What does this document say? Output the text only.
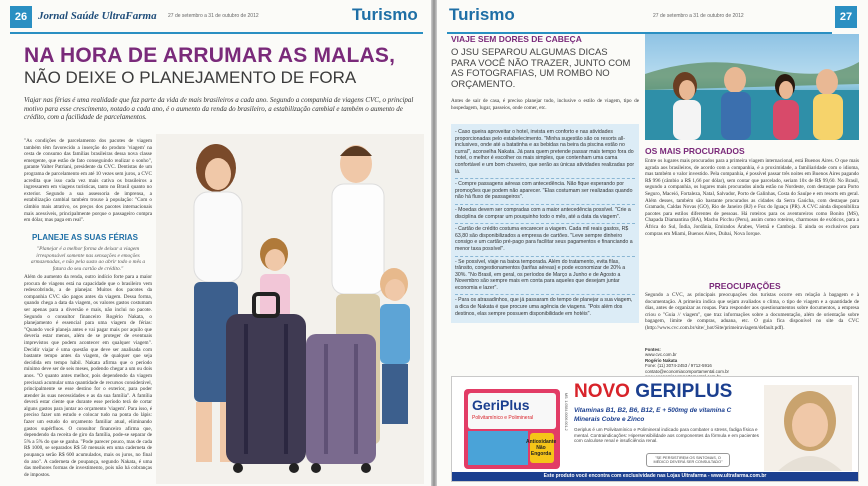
26 Jornal Saúde UltraFarma 27 de setembro a 31 de outubro de 2012	Turismo
NA HORA DE ARRUMAR AS MALAS,
NÃO DEIXE O PLANEJAMENTO DE FORA
Viajar nas férias é uma realidade que faz parte da vida de mais brasileiros a cada ano. Segundo a companhia de viagens CVC, o principal motivo para esse crescimento, notado a cada ano, é o aumento da renda do brasileiro, a estabilização cambial e também o aumento de crédito, com a facilidade de parcelamentos.
"As condições de parcelamento dos pacotes de viagem também têm favorecido a inserção do produto 'viagem' na cesta de consumo das famílias brasileiras dessa nova classe emergente, que estão de fato conseguindo realizar o sonho", garante Valter Patriani, presidente da CVC. Dentistas de um programa de parcelamento em até 10 vezes sem juros, a CVC acredita que isso cada vez mais cativa os brasileiros a ingressarem em viagens turísticas, tanto no Brasil quanto no exterior. Segundo a sua assessoria de imprensa, a estabilização cambial também trouxe à população: "Com o câmbio mais atrativo, os preços dos pacotes internacionais mais acessíveis, principalmente porque o passageiro compra em dólar, mas paga em real".
PLANEJE AS SUAS FÉRIAS
"Planejar é a melhor forma de deixar a viagem irresponsável somente nas sensações e emoções armazenadas, e não pela susto ao abrir todo o mês a fatura do seu cartão de crédito."
Além do aumento da renda, outro indício forte para a maior procura de viagens está na capacidade que o brasileiro vem redescobrindo, a de planejar. Muitos dos pacotes da companhia CVC são pagos antes da viagem. Dessa forma, quando chega a data da viagem, os valores gastos costumam ser apenas para a diversão e mais, não inclui no pacote. Segundo o consultor financeiro Rogério Nakata, o planejamento é essencial para uma viagem de férias: "Quando você planeja antes e vai pagar mais por aquilo que deveria estar menos, além de se proteger de eventuais imprevistos que podem acontecer em qualquer viagem". Decidir viajar é uma questão que deve ser analisada com bastante tempo antes da viagem, de qualquer que seja decidida em tempo hábil. Nakata afirma que o período mínimo deve ser de seis meses, podendo chegar a um ou dois anos. "O quanto antes melhor, pois dependendo da viagem precisará acumular uma quantidade de recursos considerável, principalmente se esse destino for o exterior, para poder atender às suas necessidades e as da sua família". A família deverá estar ciente que durante esse período terá de cortar alguns gastos para juntar ao orçamento 'viagem'. Para isso, é preciso fazer um estudo e colocar tudo na ponta do lápis: fazer um estudo do orçamento familiar atual, eliminando gastos supérfluos. O consultor financeiro afirma que, dependendo da receita de giro da família, pode-se separar de 5% a 5% do que se ganha. "Pode parecer pouco, mas de cada R$ 1000, se separados R$ 50 mensais em uma caderneta de poupança serão R$ 600 acumulados, mais os juros, no final do ano". A caderneta de poupança, segundo Nakata, é uma das melhores formas de investimento, pois não há cobranças de impostos.
Turismo	27 de setembro a 31 de outubro de 2012	27
VIAJE SEM DORES DE CABEÇA
O JSU SEPAROU ALGUMAS DICAS PARA VOCÊ NÃO TRAZER, JUNTO COM AS FOTOGRAFIAS, UM ROMBO NO ORÇAMENTO.
Antes de sair de casa, é preciso planejar tudo, inclusive o estilo de viagem, tipo de hospedagem, lugar, passeios, onde comer, etc.
- Caso queira aproveitar o hotel, invista em conforto e nas atividades proporcionadas pelo estabelecimento. "Minha sugestão são os resorts all-inclusives, onde até a batatinha e as bebidas na beira da piscina estão no curral", aconselha Nakata. Já para quem pretende passar mais tempo fora do hotel, o melhor é escolher os mais simples, que contenham uma cama confortável e um bom chuveiro, que serão as únicas atividades realizadas por lá.
- Compre passagens aéreas com antecedência. Não fique esperando por promoções que podem não aparecer. "Elas costumam ser realizadas quando não há fluxo de passageiros".
- Moedas devem ser compradas com a maior antecedência possível. "Crie a disciplina de comprar um pouquinho todo o mês, até a data da viagem".
- Cartão de crédito costuma encarecer a viagem. Cada mil reais gastos, R$ 63,80 são disponibilizados a empresa de cartões. "Leve sempre dinheiro consigo e um cartão pré-pago para facilitar seus pagamentos e financiando a menor taxa possível".
- Se possível, viaje na baixa temporada. Além do tratamento, evita filas, trânsito, congestionamentos (tarifas aéreas) e pode economizar de 20% a 30%. "No Brasil, em geral, os períodos de Março a Junho e de Agosto a Novembro são sempre mais em conta para aqueles que desejam juntar economia e lazer".
- Para os atrasadinhos, que já passaram do tempo de planejar a sua viagem, a dica de Nakata é que procure uma agência de viagens. "Pois além dos destinos, elas sempre possuem disponibilidade em hotéis".
OS MAIS PROCURADOS
Entre os lugares mais procurados para a primeira viagem internacional, está Buenos Aires. O que mais agrada aos brasileiros, de acordo com a companhia, é a proximidade, a familiaridade com o idioma, mas também o valor investido. Pela companhia, é possível passar três noites em Buenos Aires pagando R$ 996 (câmbio a R$ 1,66 por dólar), sem contar que parcelado, seriam 10x de R$ 99,60. No Brasil, segundo a companhia, os lugares mais procurados ainda estão no Nordeste, com destaque para Porto Seguro, Maceió, Fortaleza, Natal, Salvador, Porto de Galinhas, Costa do Sauípe e em resorts em geral. Além desses, também são bastante procurados as cidades da Serra Gaúcha, com destaque para Gramado, Caldas Novas (GO), Rio de Janeiro (RJ) e Foz do Iguaçu (PR). A CVC ainda disponibiliza pacotes para estilos diferentes de pessoas. Há roteiros para os aventureiros como Bonito (MS), Chapada Diamantina (BA), Machu Picchu (Peru), assim como roteiros, charmosos de exóticos, para a África do Sul, Índia, Jordânia, Emirados Árabes, Vietnã e Camboja. E ainda os exclusivos para compras em Miami, Buenos Aires, Dubai, Nova Iorque.
PREOCUPAÇÕES
Segundo a CVC, as principais preocupações dos turistas ocorre em relação à bagagem e à documentação. A primeira indica que sejam avaliados o clima, o tipo de viagem e a quantidade de dias, antes de organizar as roupas. Para responder aos questionamentos sobre documentos, a empresa criou o "Guia // viagem", que traz informações sobre a documentação, além de orientação sobre bagagem, limite de compras, aduana, etc. O guia fica disponível no site da CVC (http://www.cvc.com.br/site/_hot/Site/primeiraviagem/default.pdf).
Fontes:
www.cvc.com.br
Rogério Nakata
Fone: (11) 3074-2453 / 9712-5916
contato@economiacomportamental.com.br
GeriPlus
Polivitamínico e Polimineral
Antioxidante Não Engorda
MS: 1.0584.0006.001-2
NOVO GERIPLUS
Vitaminas B1, B2, B6, B12, E + 500mg de vitamina C
Minerais Cobre e Zinco
Geriplus é um Polivitamínico e Polimineral indicado para combater o stress, fadiga física e mental. Contraindicações: Hipersensibilidade aos componentes da fórmula e em pacientes com calculose renal e insuficiência renal.
"SE PERSISTIREM OS SINTOMAS, O MÉDICO DEVERÁ SER CONSULTADO"
Este produto você encontra com exclusividade nas Lojas Ultrafarma - www.ultrafarma.com.br
